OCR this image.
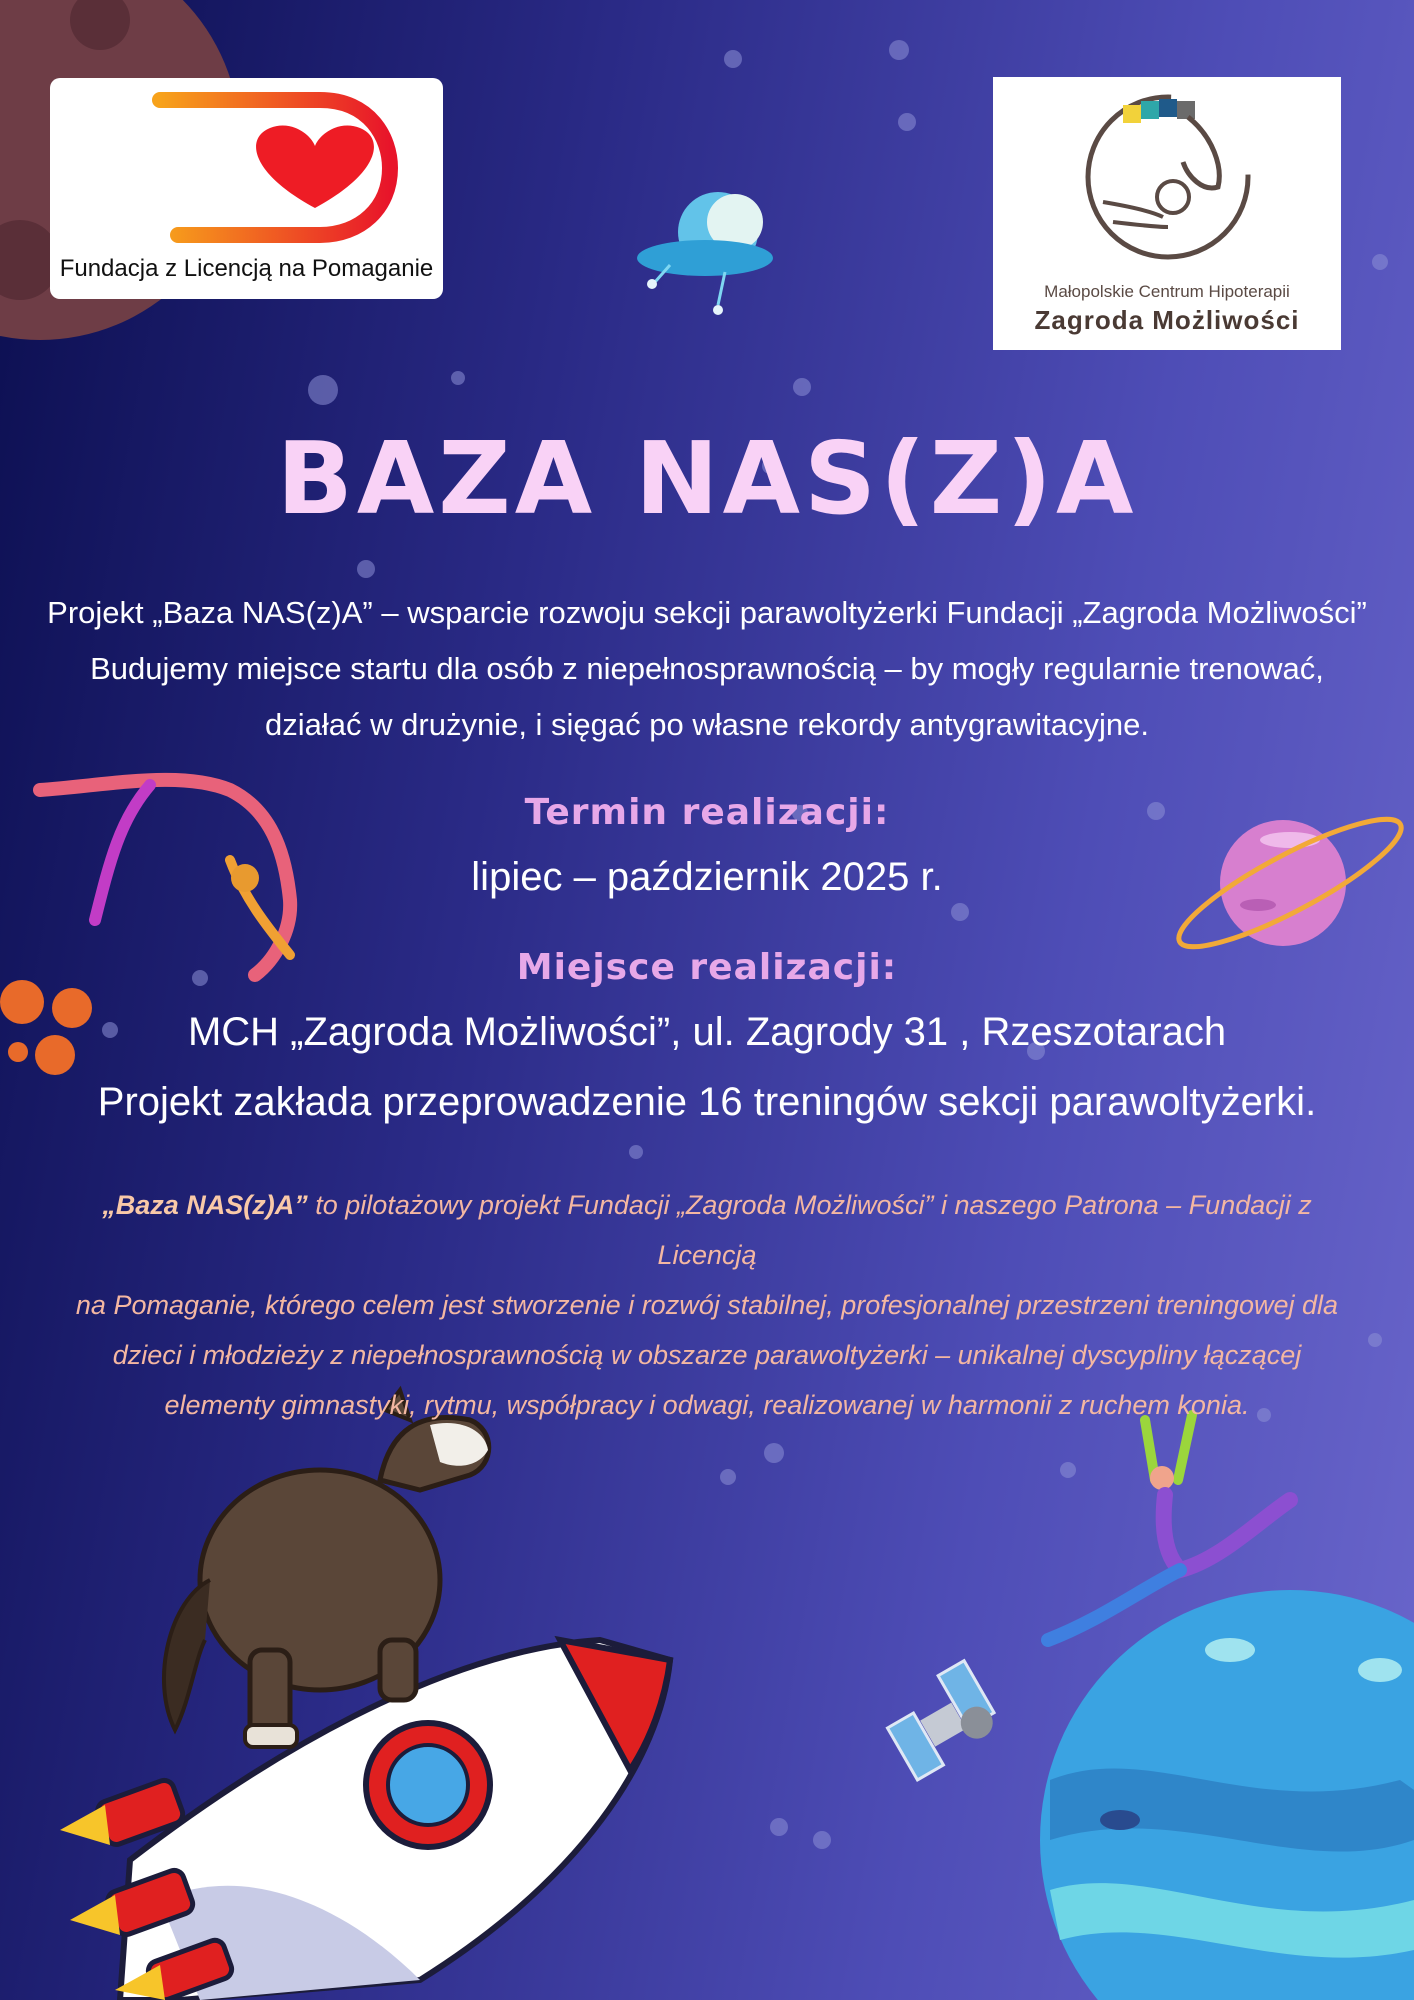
Fundacja z Licencją na Pomaganie
Małopolskie Centrum Hipoterapii
Zagroda Możliwości
BAZA NAS(Z)A
Projekt „Baza NAS(z)A” – wsparcie rozwoju sekcji parawoltyżerki Fundacji „Zagroda Możliwości”
Budujemy miejsce startu dla osób z niepełnosprawnością – by mogły regularnie trenować,
działać w drużynie, i sięgać po własne rekordy antygrawitacyjne.
Termin realizacji:
lipiec – październik 2025 r.
Miejsce realizacji:
MCH „Zagroda Możliwości”, ul. Zagrody 31 , Rzeszotarach
Projekt zakłada przeprowadzenie 16 treningów sekcji parawoltyżerki.
„Baza NAS(z)A” to pilotażowy projekt Fundacji „Zagroda Możliwości” i naszego Patrona – Fundacji z Licencją
na Pomaganie, którego celem jest stworzenie i rozwój stabilnej, profesjonalnej przestrzeni treningowej dla
dzieci i młodzieży z niepełnosprawnością w obszarze parawoltyżerki – unikalnej dyscypliny łączącej
elementy gimnastyki, rytmu, współpracy i odwagi, realizowanej w harmonii z ruchem konia.
